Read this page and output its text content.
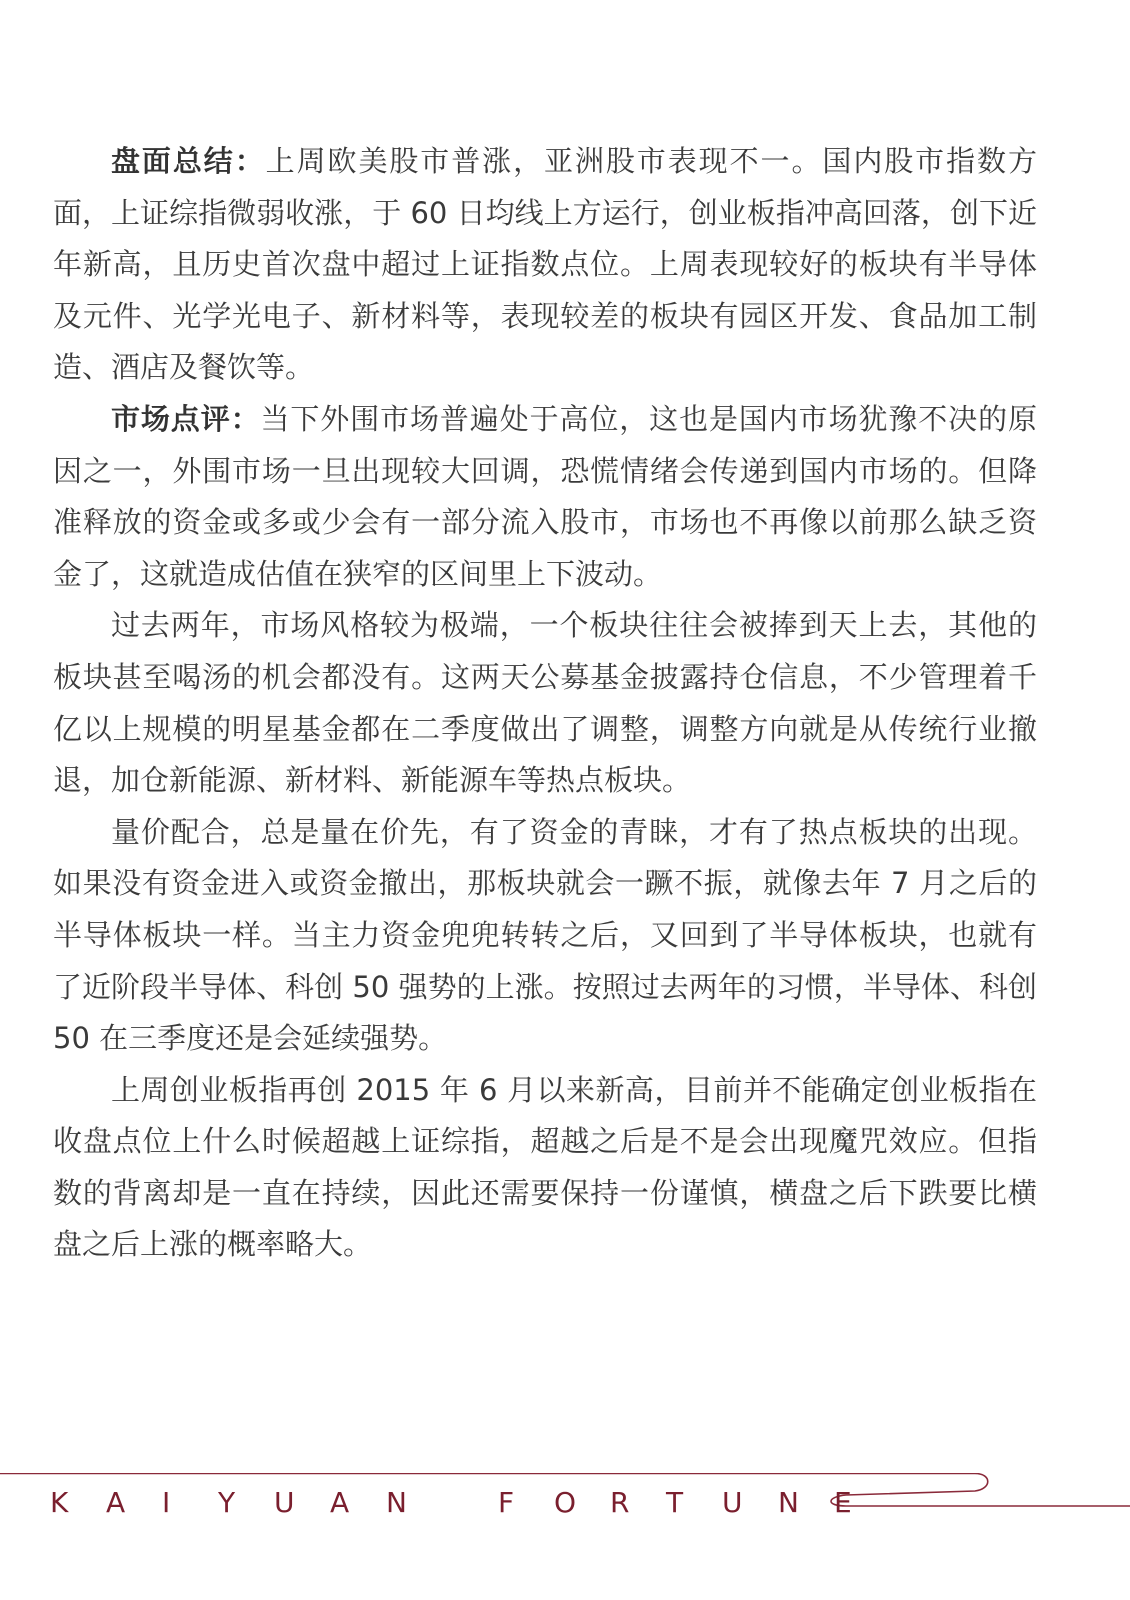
盘面总结：上周欧美股市普涨，亚洲股市表现不一。国内股市指数方面，上证综指微弱收涨，于 60 日均线上方运行，创业板指冲高回落，创下近年新高，且历史首次盘中超过上证指数点位。上周表现较好的板块有半导体及元件、光学光电子、新材料等，表现较差的板块有园区开发、食品加工制造、酒店及餐饮等。

市场点评：当下外围市场普遍处于高位，这也是国内市场犹豫不决的原因之一，外围市场一旦出现较大回调，恐慌情绪会传递到国内市场的。但降准释放的资金或多或少会有一部分流入股市，市场也不再像以前那么缺乏资金了，这就造成估值在狭窄的区间里上下波动。

过去两年，市场风格较为极端，一个板块往往会被捧到天上去，其他的板块甚至喝汤的机会都没有。这两天公募基金披露持仓信息，不少管理着千亿以上规模的明星基金都在二季度做出了调整，调整方向就是从传统行业撤退，加仓新能源、新材料、新能源车等热点板块。

量价配合，总是量在价先，有了资金的青睐，才有了热点板块的出现。如果没有资金进入或资金撤出，那板块就会一蹶不振，就像去年 7 月之后的半导体板块一样。当主力资金兜兜转转之后，又回到了半导体板块，也就有了近阶段半导体、科创 50 强势的上涨。按照过去两年的习惯，半导体、科创 50 在三季度还是会延续强势。

上周创业板指再创 2015 年 6 月以来新高，目前并不能确定创业板指在收盘点位上什么时候超越上证综指，超越之后是不是会出现魔咒效应。但指数的背离却是一直在持续，因此还需要保持一份谨慎，横盘之后下跌要比横盘之后上涨的概率略大。

K	A	I	Y	U	A	N	F	O	R	T	U	N	E
